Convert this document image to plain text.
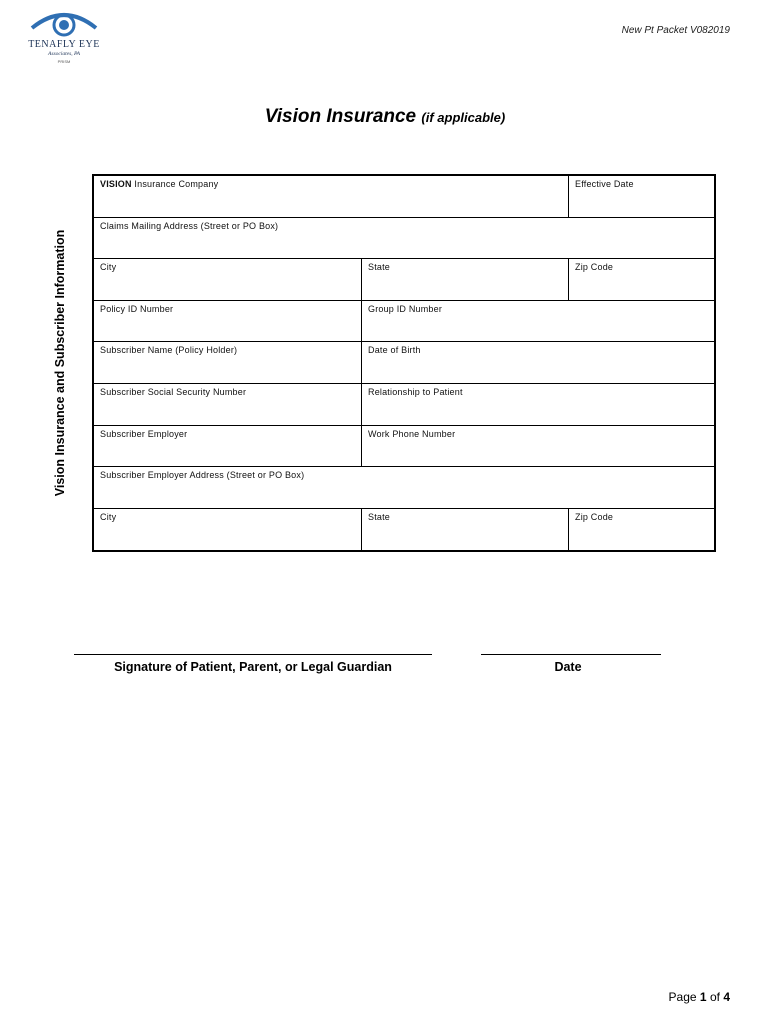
TENAFLY EYE
Associates, PA
PRISM
New Pt Packet V082019
Vision Insurance (if applicable)
Vision Insurance and Subscriber Information
VISION Insurance Company	Effective Date
Claims Mailing Address (Street or PO Box)
City	State	Zip Code
Policy ID Number	Group ID Number
Subscriber Name (Policy Holder)	Date of Birth
Subscriber Social Security Number	Relationship to Patient
Subscriber Employer	Work Phone Number
Subscriber Employer Address (Street or PO Box)
City	State	Zip Code
Signature of Patient, Parent, or Legal Guardian	Date
Page 1 of 4
